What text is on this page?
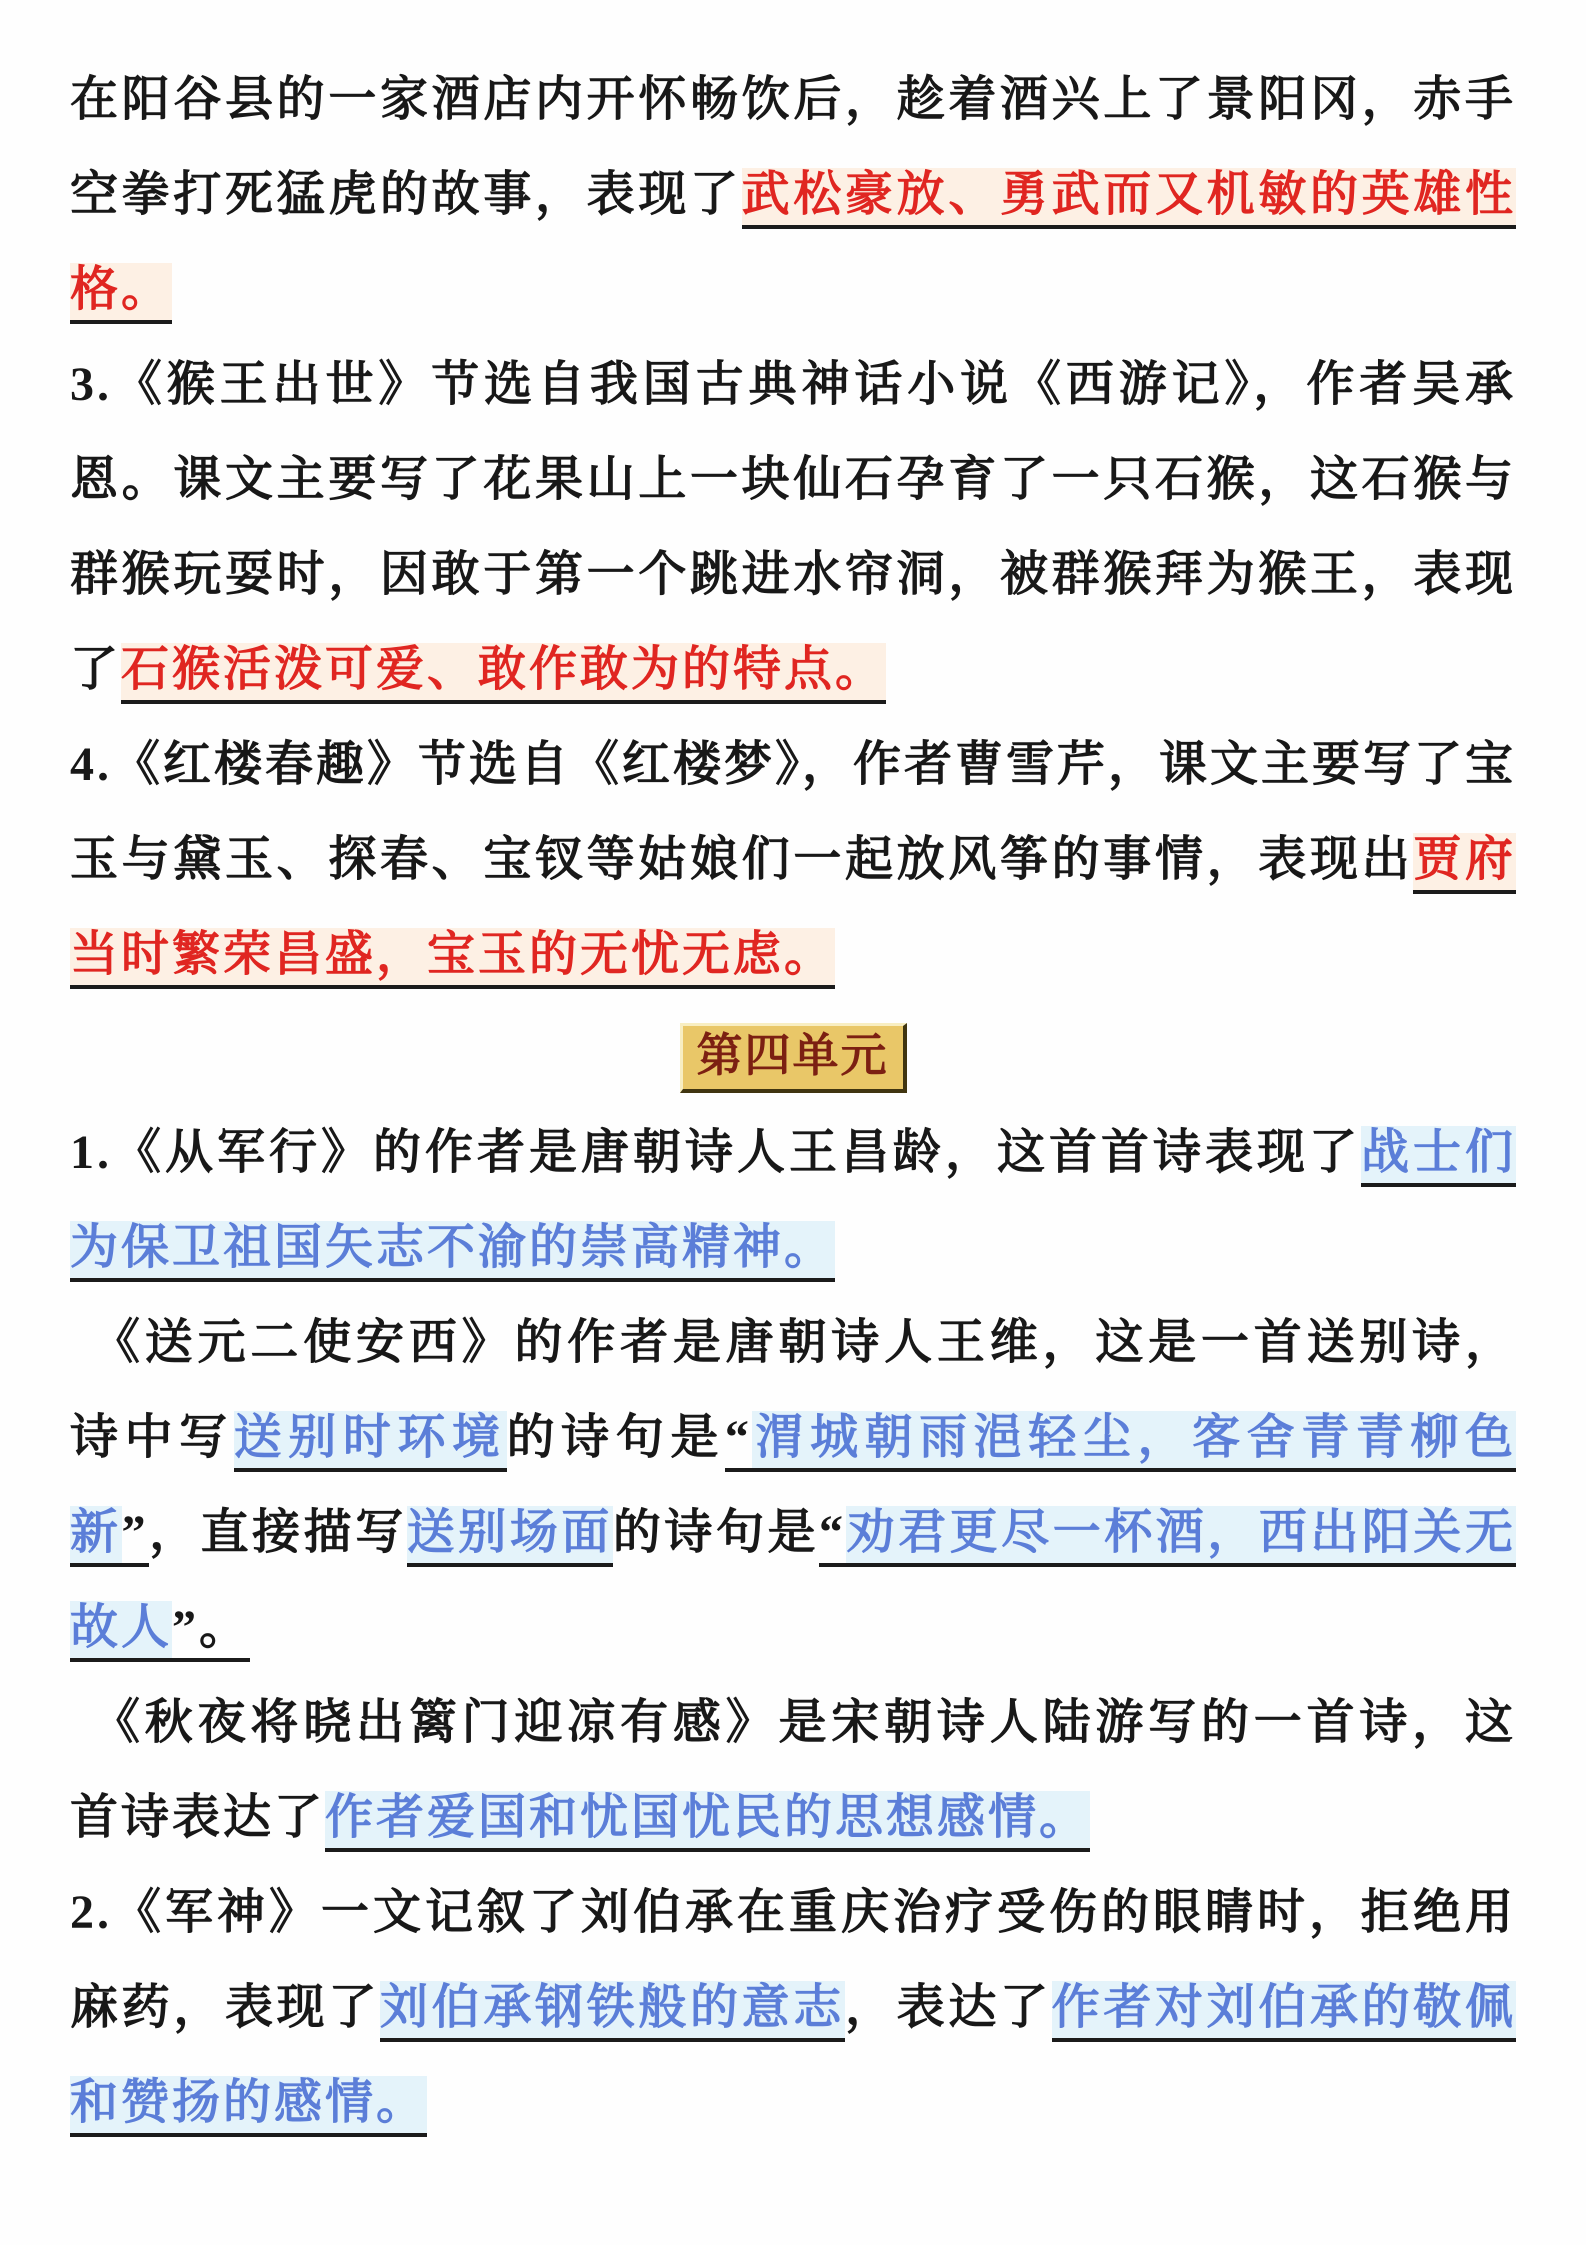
在阳谷县的一家酒店内开怀畅饮后，趁着酒兴上了景阳冈，赤手空拳打死猛虎的故事，表现了武松豪放、勇武而又机敏的英雄性格。

3.《猴王出世》节选自我国古典神话小说《西游记》，作者吴承恩。课文主要写了花果山上一块仙石孕育了一只石猴，这石猴与群猴玩耍时，因敢于第一个跳进水帘洞，被群猴拜为猴王，表现了石猴活泼可爱、敢作敢为的特点。

4.《红楼春趣》节选自《红楼梦》，作者曹雪芹，课文主要写了宝玉与黛玉、探春、宝钗等姑娘们一起放风筝的事情，表现出贾府当时繁荣昌盛，宝玉的无忧无虑。

第四单元

1.《从军行》的作者是唐朝诗人王昌龄，这首首诗表现了战士们为保卫祖国矢志不渝的崇高精神。

《送元二使安西》的作者是唐朝诗人王维，这是一首送别诗，诗中写送别时环境的诗句是“渭城朝雨浥轻尘，客舍青青柳色新”，直接描写送别场面的诗句是“劝君更尽一杯酒，西出阳关无故人”。

《秋夜将晓出篱门迎凉有感》是宋朝诗人陆游写的一首诗，这首诗表达了作者爱国和忧国忧民的思想感情。

2.《军神》一文记叙了刘伯承在重庆治疗受伤的眼睛时，拒绝用麻药，表现了刘伯承钢铁般的意志，表达了作者对刘伯承的敬佩和赞扬的感情。
